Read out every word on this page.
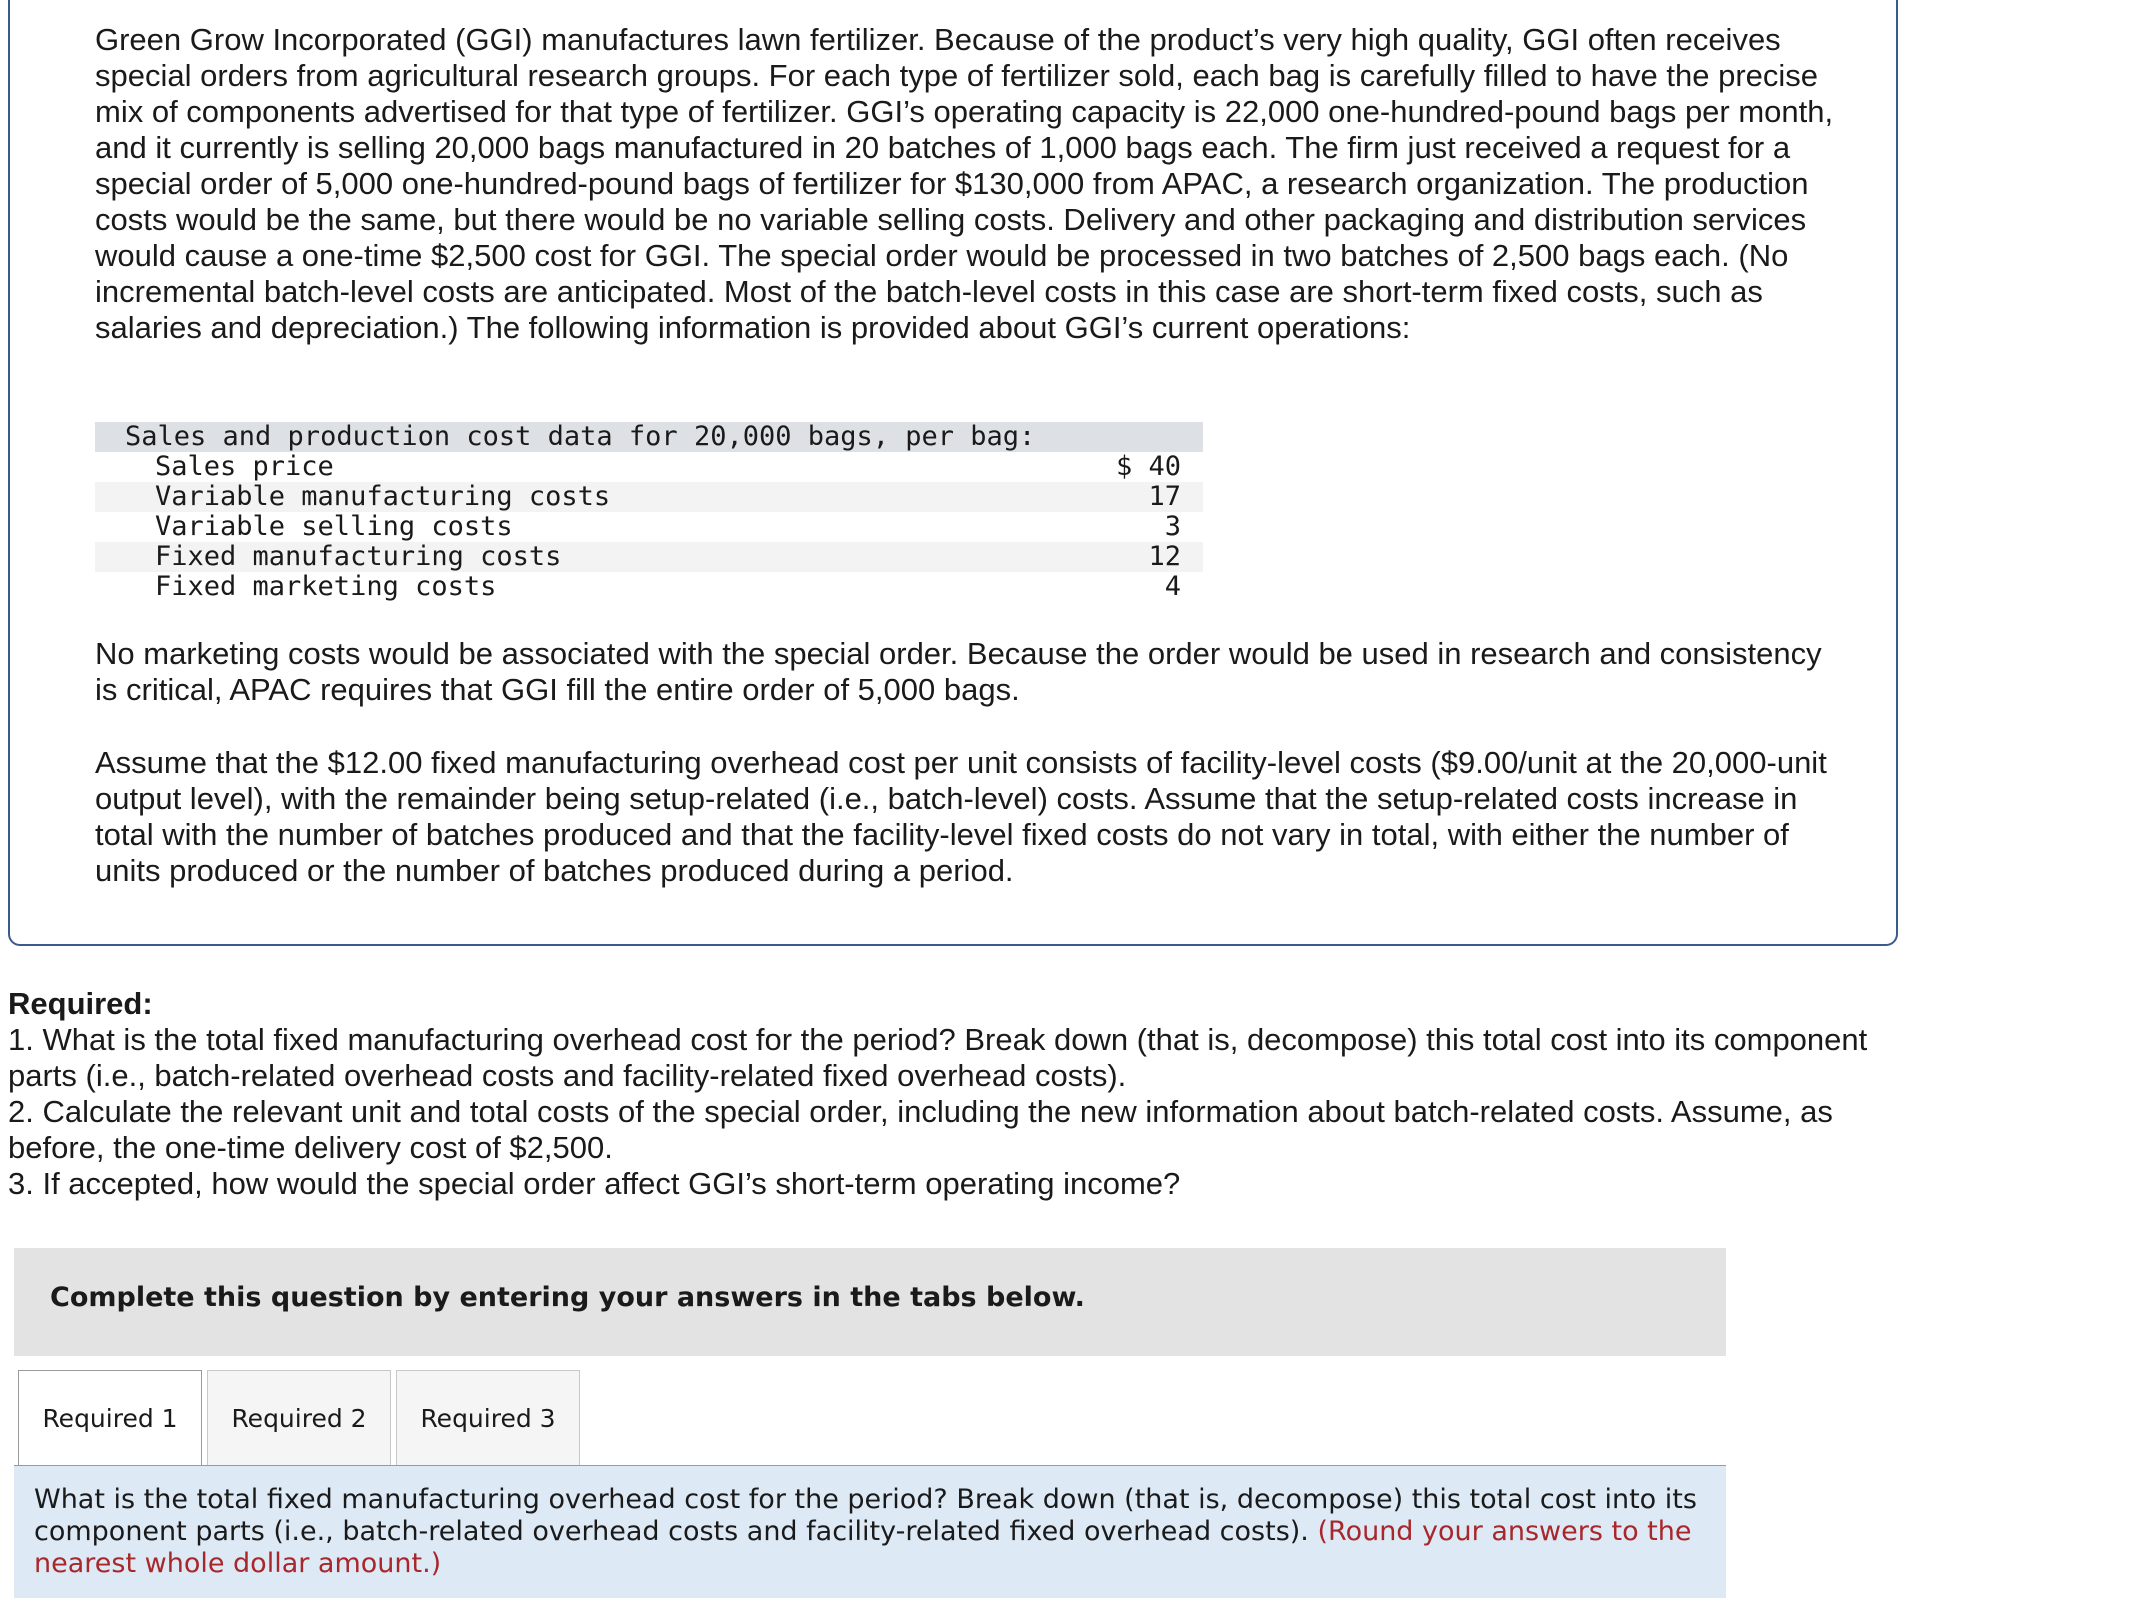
Green Grow Incorporated (GGI) manufactures lawn fertilizer. Because of the product’s very high quality, GGI often receives special orders from agricultural research groups. For each type of fertilizer sold, each bag is carefully filled to have the precise mix of components advertised for that type of fertilizer. GGI’s operating capacity is 22,000 one-hundred-pound bags per month, and it currently is selling 20,000 bags manufactured in 20 batches of 1,000 bags each. The firm just received a request for a special order of 5,000 one-hundred-pound bags of fertilizer for $130,000 from APAC, a research organization. The production costs would be the same, but there would be no variable selling costs. Delivery and other packaging and distribution services would cause a one-time $2,500 cost for GGI. The special order would be processed in two batches of 2,500 bags each. (No incremental batch-level costs are anticipated. Most of the batch-level costs in this case are short-term fixed costs, such as salaries and depreciation.) The following information is provided about GGI’s current operations:

Sales and production cost data for 20,000 bags, per bag:
Sales price	$ 40
Variable manufacturing costs	17
Variable selling costs	3
Fixed manufacturing costs	12
Fixed marketing costs	4

No marketing costs would be associated with the special order. Because the order would be used in research and consistency is critical, APAC requires that GGI fill the entire order of 5,000 bags.

Assume that the $12.00 fixed manufacturing overhead cost per unit consists of facility-level costs ($9.00/unit at the 20,000-unit output level), with the remainder being setup-related (i.e., batch-level) costs. Assume that the setup-related costs increase in total with the number of batches produced and that the facility-level fixed costs do not vary in total, with either the number of units produced or the number of batches produced during a period.

Required:
1. What is the total fixed manufacturing overhead cost for the period? Break down (that is, decompose) this total cost into its component parts (i.e., batch-related overhead costs and facility-related fixed overhead costs).
2. Calculate the relevant unit and total costs of the special order, including the new information about batch-related costs. Assume, as before, the one-time delivery cost of $2,500.
3. If accepted, how would the special order affect GGI’s short-term operating income?
Complete this question by entering your answers in the tabs below.
Required 1	Required 2	Required 3
What is the total fixed manufacturing overhead cost for the period? Break down (that is, decompose) this total cost into its component parts (i.e., batch-related overhead costs and facility-related fixed overhead costs). (Round your answers to the nearest whole dollar amount.)
